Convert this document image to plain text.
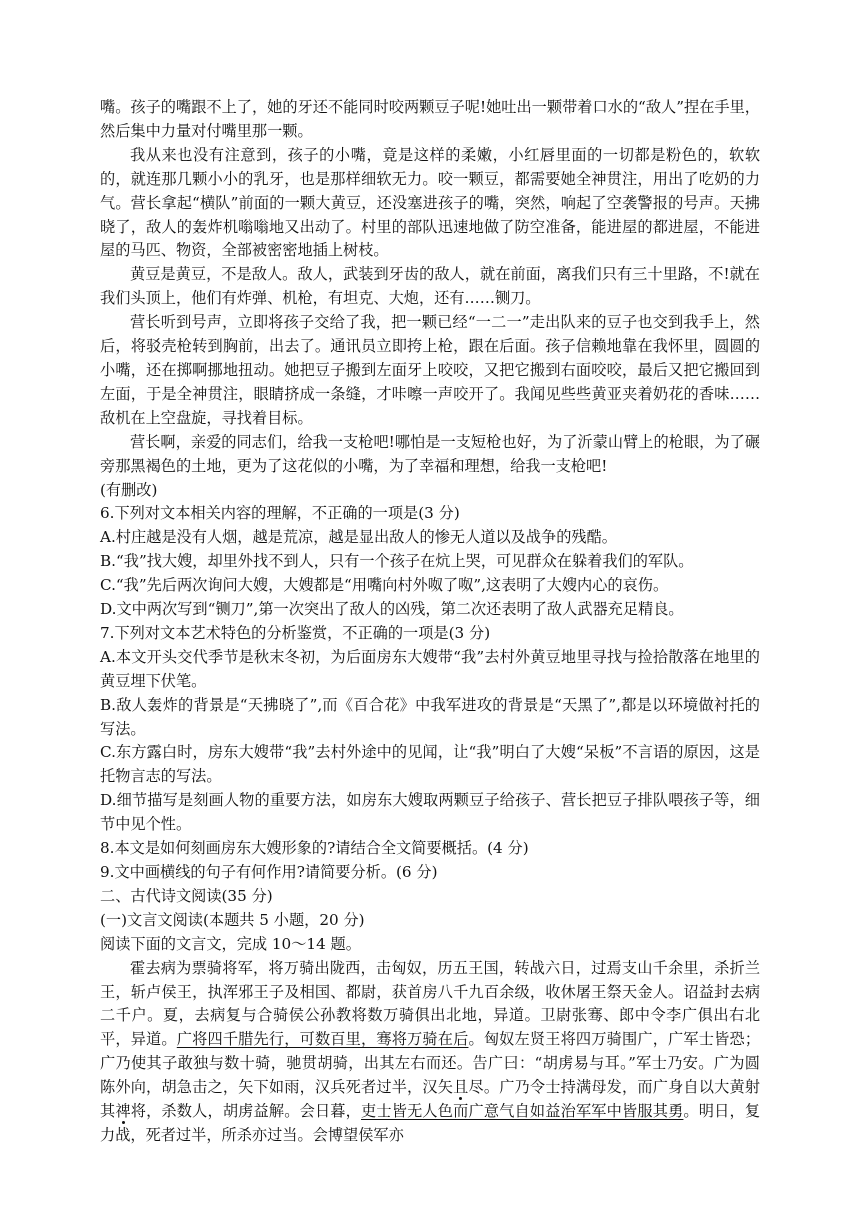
嘴。孩子的嘴跟不上了，她的牙还不能同时咬两颗豆子呢!她吐出一颗带着口水的“敌人”捏在手里，然后集中力量对付嘴里那一颗。

我从来也没有注意到，孩子的小嘴，竟是这样的柔嫩，小红唇里面的一切都是粉色的，软软的，就连那几颗小小的乳牙，也是那样细软无力。咬一颗豆，都需要她全神贯注，用出了吃奶的力气。营长拿起“横队”前面的一颗大黄豆，还没塞进孩子的嘴，突然，响起了空袭警报的号声。天拂晓了，敌人的轰炸机嗡嗡地又出动了。村里的部队迅速地做了防空准备，能进屋的都进屋，不能进屋的马匹、物资，全部被密密地插上树枝。

黄豆是黄豆，不是敌人。敌人，武装到牙齿的敌人，就在前面，离我们只有三十里路，不!就在我们头顶上，他们有炸弹、机枪，有坦克、大炮，还有……铡刀。

营长听到号声，立即将孩子交给了我，把一颗已经“一二一”走出队来的豆子也交到我手上，然后，将驳壳枪转到胸前，出去了。通讯员立即挎上枪，跟在后面。孩子信赖地靠在我怀里，圆圆的小嘴，还在掷啊挪地扭动。她把豆子搬到左面牙上咬咬，又把它搬到右面咬咬，最后又把它搬回到左面，于是全神贯注，眼睛挤成一条缝，才咔嚓一声咬开了。我闻见些些黄亚夹着奶花的香味……敌机在上空盘旋，寻找着目标。

营长啊，亲爱的同志们，给我一支枪吧!哪怕是一支短枪也好，为了沂蒙山臂上的枪眼，为了碾旁那黑褐色的土地，更为了这花似的小嘴，为了幸福和理想，给我一支枪吧!

(有删改)

6.下列对文本相关内容的理解，不正确的一项是(3 分)

A.村庄越是没有人烟，越是荒凉，越是显出敌人的惨无人道以及战争的残酷。

B.“我”找大嫂，却里外找不到人，只有一个孩子在炕上哭，可见群众在躲着我们的军队。

C.“我”先后两次询问大嫂，大嫂都是“用嘴向村外呶了呶”,这表明了大嫂内心的哀伤。

D.文中两次写到“铡刀”,第一次突出了敌人的凶残，第二次还表明了敌人武器充足精良。

7.下列对文本艺术特色的分析鉴赏，不正确的一项是(3 分)

A.本文开头交代季节是秋末冬初，为后面房东大嫂带“我”去村外黄豆地里寻找与捡拾散落在地里的黄豆埋下伏笔。

B.敌人轰炸的背景是“天拂晓了”,而《百合花》中我军进攻的背景是“天黑了”,都是以环境做衬托的写法。

C.东方露白时，房东大嫂带“我”去村外途中的见闻，让“我”明白了大嫂“呆板”不言语的原因，这是托物言志的写法。

D.细节描写是刻画人物的重要方法，如房东大嫂取两颗豆子给孩子、营长把豆子排队喂孩子等，细节中见个性。

8.本文是如何刻画房东大嫂形象的?请结合全文简要概括。(4 分)

9.文中画横线的句子有何作用?请简要分析。(6 分)

二、古代诗文阅读(35 分)

(一)文言文阅读(本题共 5 小题，20 分)

阅读下面的文言文，完成 10～14 题。

霍去病为票骑将军，将万骑出陇西，击匈奴，历五王国，转战六日，过焉支山千余里，杀折兰王，斩卢侯王，执浑邪王子及相国、都尉，获首房八千九百余级，收休屠王祭天金人。诏益封去病二千户。夏，去病复与合骑侯公孙教将数万骑俱出北地，异道。卫尉张骞、郎中令李广俱出右北平，异道。广将四千腊先行，可数百里，骞将万骑在后。匈奴左贤王将四万骑围广，广军士皆恐；广乃使其子敢独与数十骑，驰贯胡骑，出其左右而还。告广曰：“胡虏易与耳。”军士乃安。广为圆陈外向，胡急击之，矢下如雨，汉兵死者过半，汉矢且尽。广乃令士持满母发，而广身自以大黄射其禆将，杀数人，胡虏益解。会日暮，吏士皆无人色而广意气自如益治军军中皆服其勇。明日，复力战，死者过半，所杀亦过当。会博望侯军亦
